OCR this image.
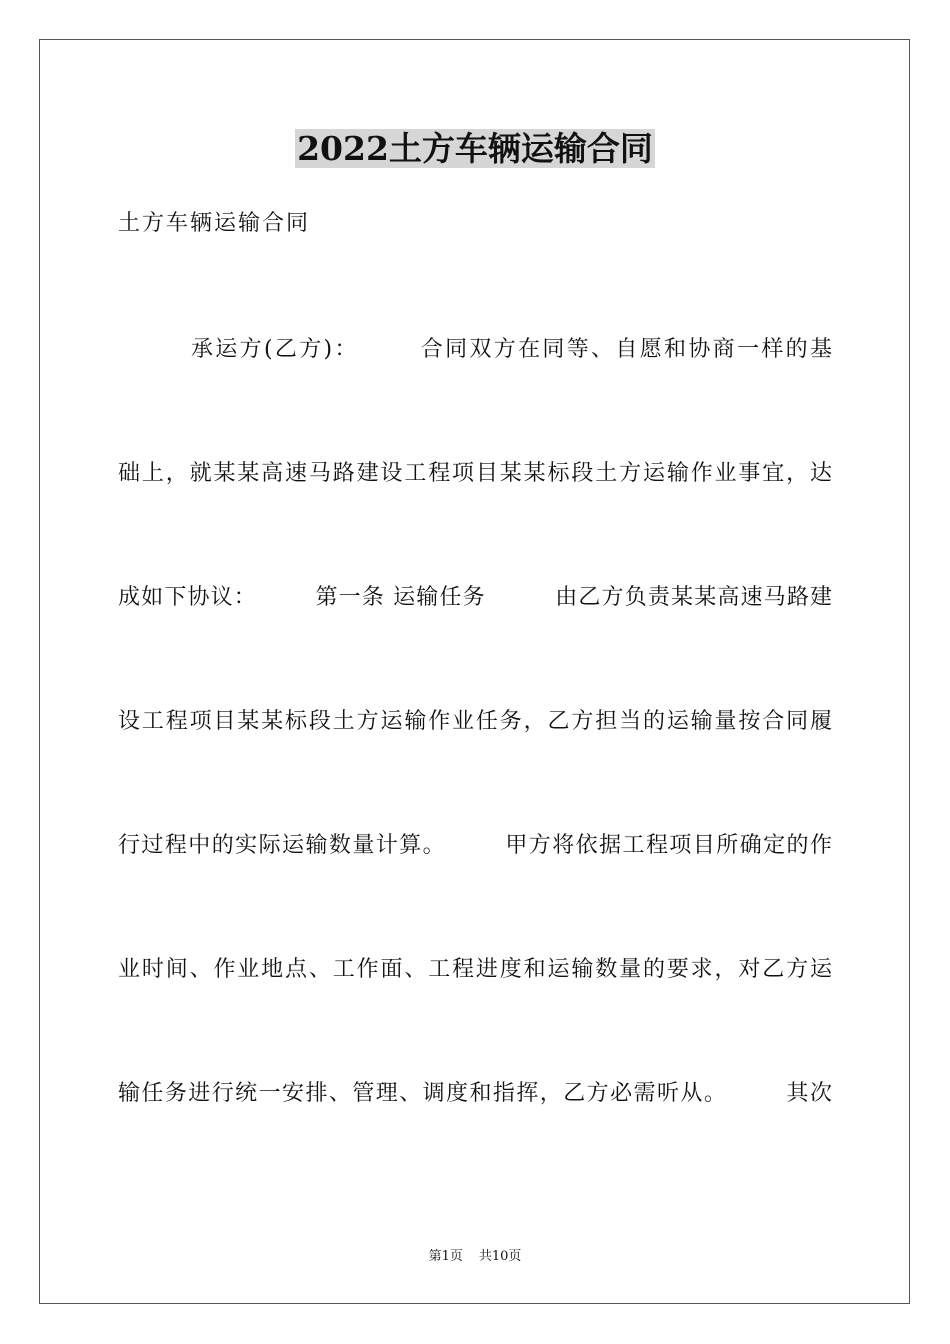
2022土方车辆运输合同

土方车辆运输合同

　　　承运方(乙方)：　　　合同双方在同等、自愿和协商一样的基

础上，就某某高速马路建设工程项目某某标段土方运输作业事宜，达

成如下协议：　　　第一条 运输任务　　　由乙方负责某某高速马路建

设工程项目某某标段土方运输作业任务，乙方担当的运输量按合同履

行过程中的实际运输数量计算。　　　甲方将依据工程项目所确定的作

业时间、作业地点、工作面、工程进度和运输数量的要求，对乙方运

输任务进行统一安排、管理、调度和指挥，乙方必需听从。　　　其次

第1页 共10页
